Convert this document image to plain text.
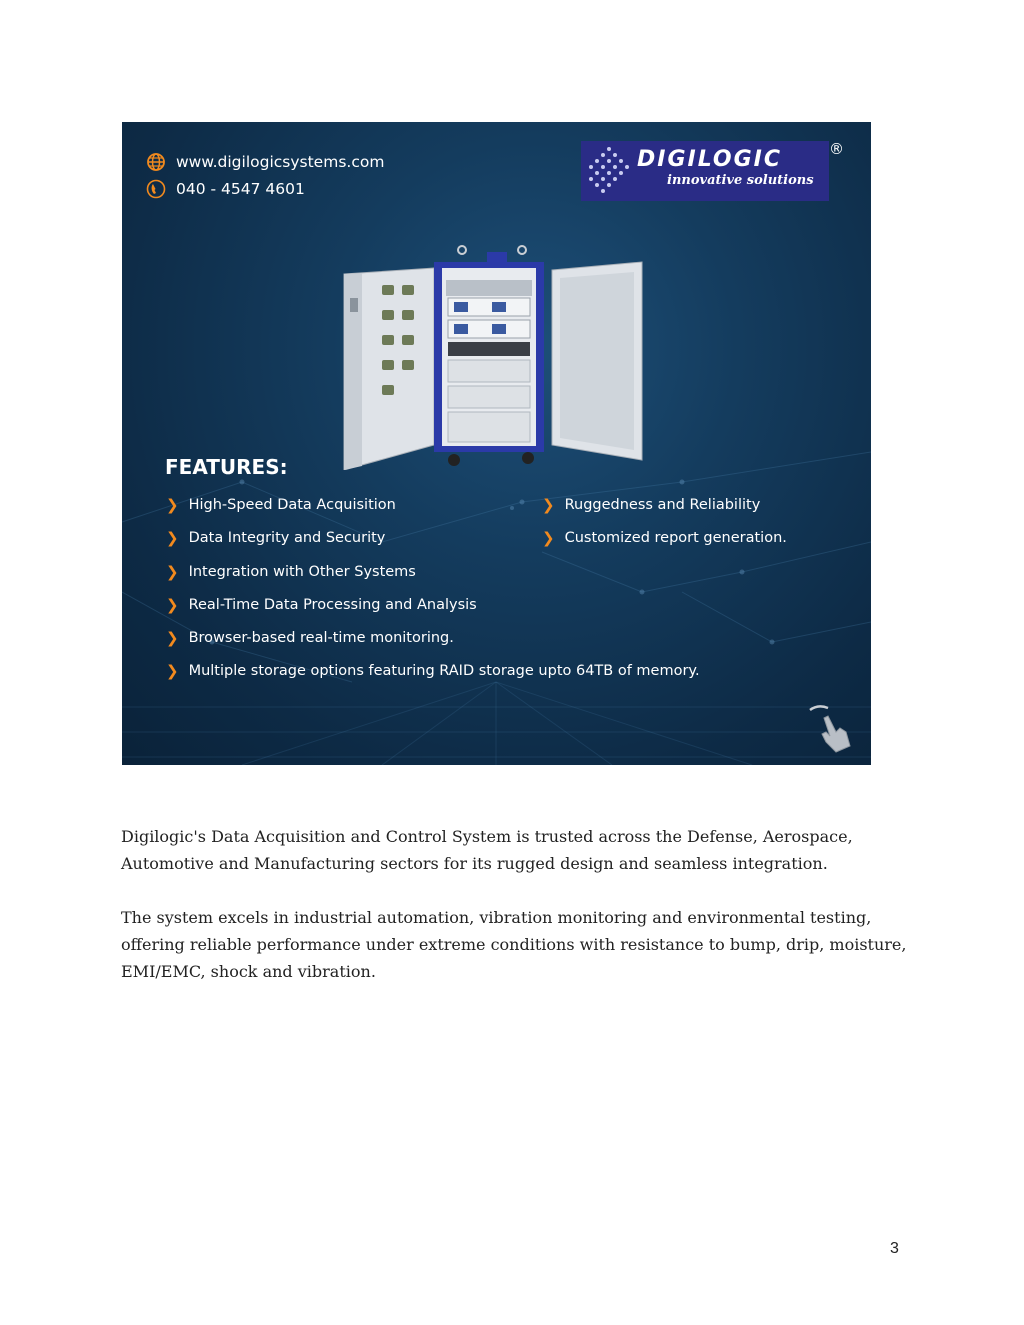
www.digilogicsystems.com
040 - 4547 4601
DIGILOGIC
innovative solutions
®
FEATURES:
❯ High-Speed Data Acquisition
❯ Data Integrity and Security
❯ Integration with Other Systems
❯ Real-Time Data Processing and Analysis
❯ Browser-based real-time monitoring.
❯ Multiple storage options featuring RAID storage upto 64TB of memory.
❯ Ruggedness and Reliability
❯ Customized report generation.

Digilogic's Data Acquisition and Control System is trusted across the Defense, Aerospace, Automotive and Manufacturing sectors for its rugged design and seamless integration.

The system excels in industrial automation, vibration monitoring and environmental testing, offering reliable performance under extreme conditions with resistance to bump, drip, moisture, EMI/EMC, shock and vibration.

3
